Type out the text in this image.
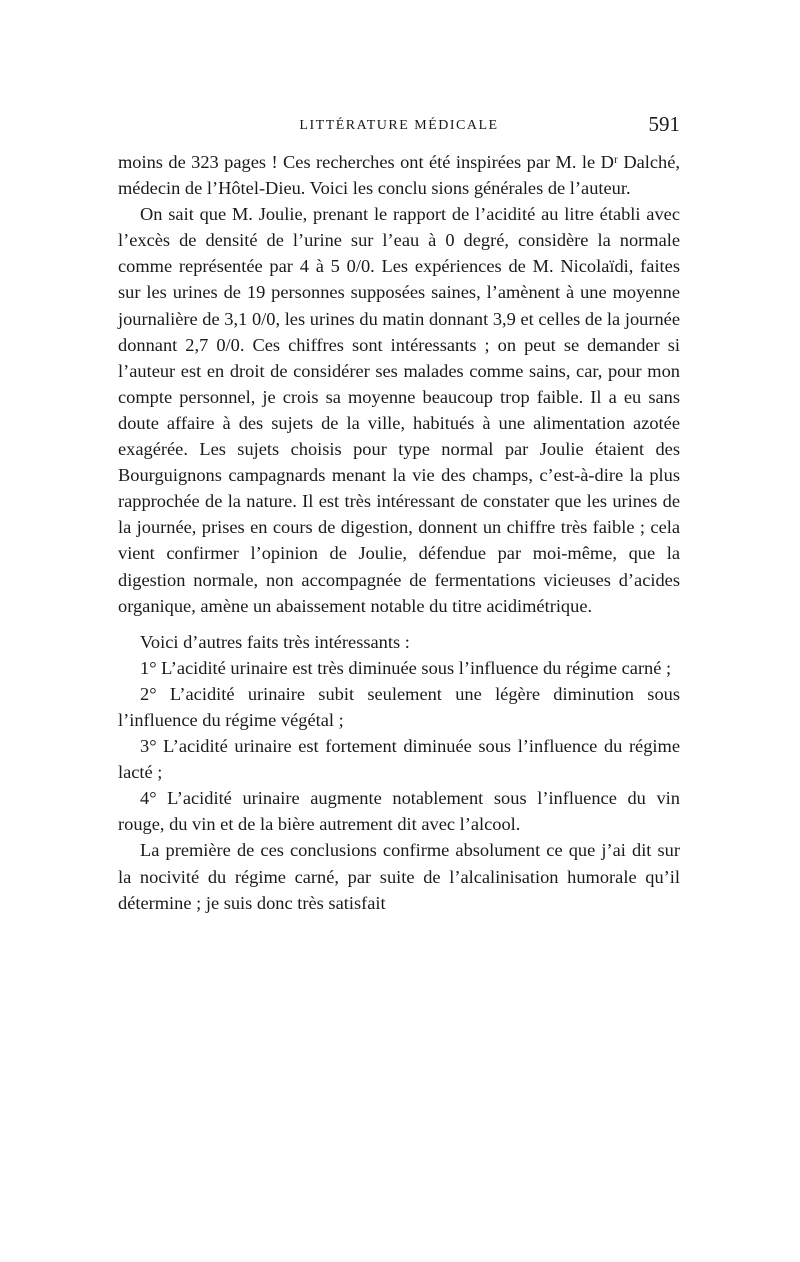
LITTÉRATURE MÉDICALE	591

moins de 323 pages ! Ces recherches ont été inspirées par M. le Dʳ Dalché, médecin de l’Hôtel-Dieu. Voici les conclu sions générales de l’auteur.

On sait que M. Joulie, prenant le rapport de l’acidité au litre établi avec l’excès de densité de l’urine sur l’eau à 0 degré, considère la normale comme représentée par 4 à 5 0/0. Les expériences de M. Nicolaïdi, faites sur les urines de 19 personnes supposées saines, l’amènent à une moyenne journalière de 3,1 0/0, les urines du matin donnant 3,9 et celles de la journée donnant 2,7 0/0. Ces chiffres sont intéressants ; on peut se demander si l’auteur est en droit de considérer ses malades comme sains, car, pour mon compte personnel, je crois sa moyenne beaucoup trop faible. Il a eu sans doute affaire à des sujets de la ville, habitués à une alimentation azotée exagérée. Les sujets choisis pour type normal par Joulie étaient des Bourguignons campagnards menant la vie des champs, c’est-à-dire la plus rapprochée de la nature. Il est très intéressant de constater que les urines de la journée, prises en cours de digestion, donnent un chiffre très faible ; cela vient confirmer l’opinion de Joulie, défendue par moi-même, que la digestion normale, non accompagnée de fermentations vicieuses d’acides organique, amène un abaissement notable du titre acidimétrique.

Voici d’autres faits très intéressants :

1° L’acidité urinaire est très diminuée sous l’influence du régime carné ;

2° L’acidité urinaire subit seulement une légère diminution sous l’influence du régime végétal ;

3° L’acidité urinaire est fortement diminuée sous l’influence du régime lacté ;

4° L’acidité urinaire augmente notablement sous l’influence du vin rouge, du vin et de la bière autrement dit avec l’alcool.

La première de ces conclusions confirme absolument ce que j’ai dit sur la nocivité du régime carné, par suite de l’alcalinisation humorale qu’il détermine ; je suis donc très satisfait
